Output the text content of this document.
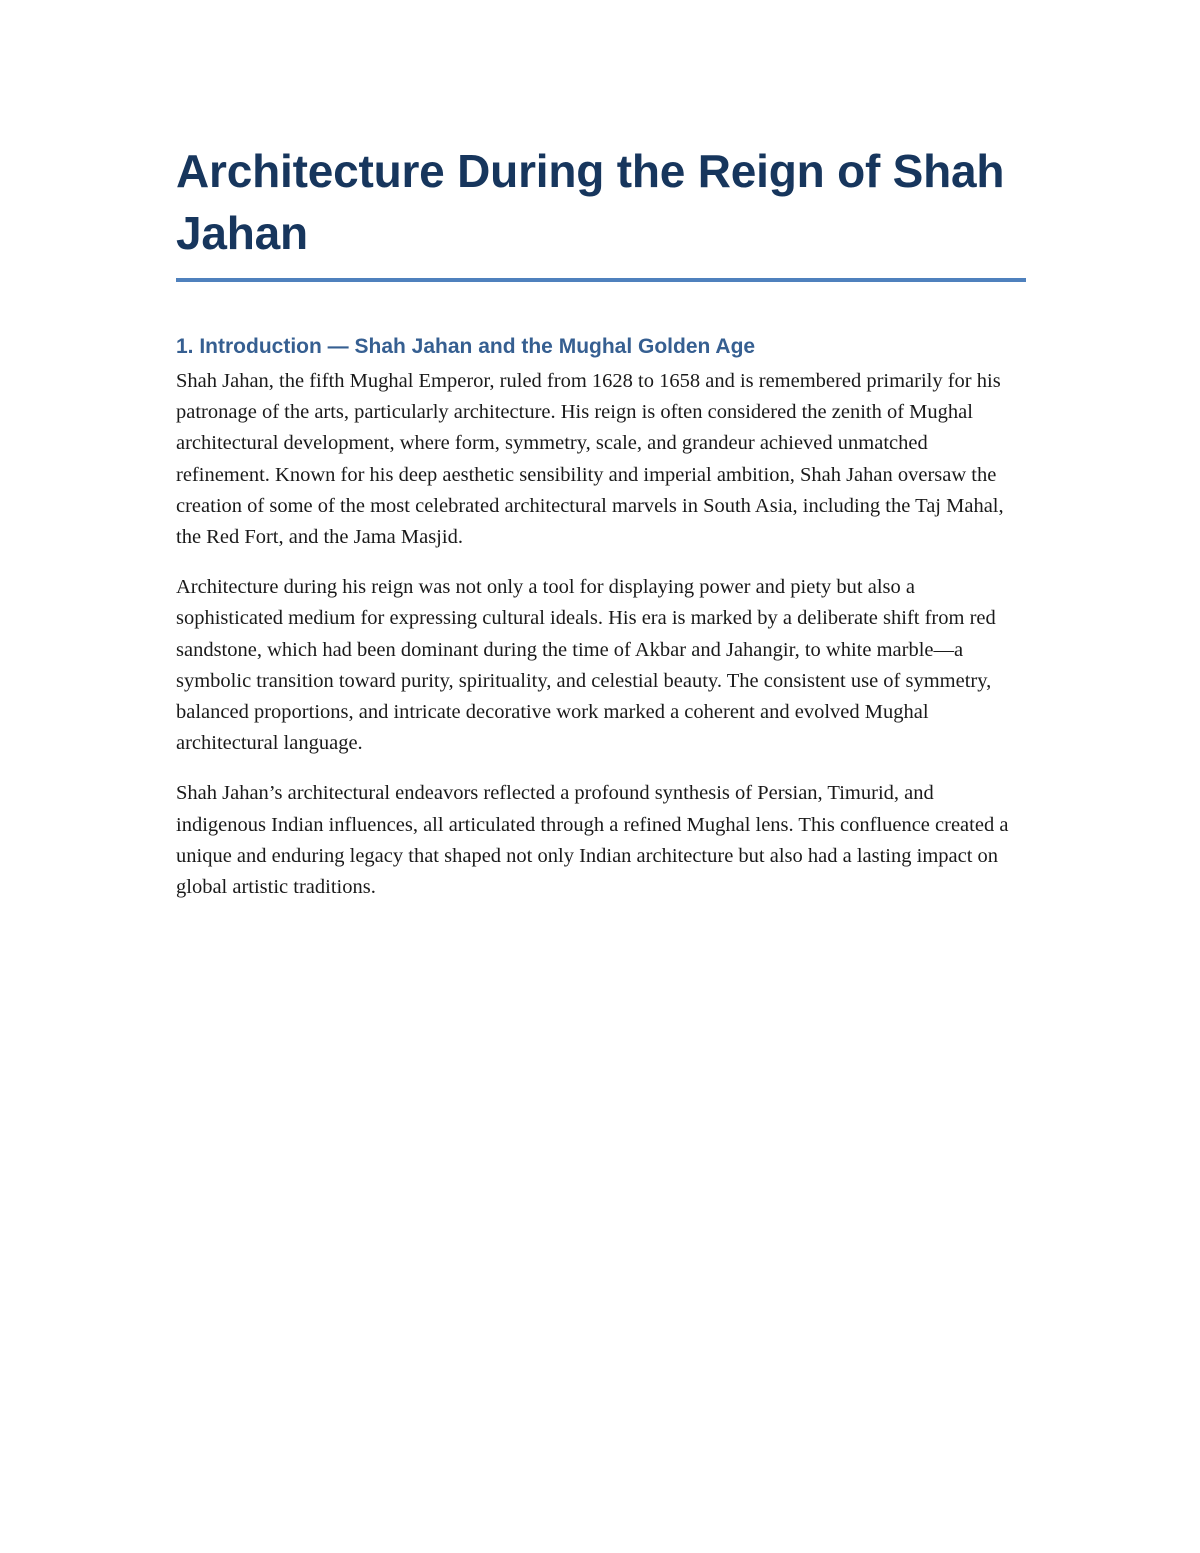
Architecture During the Reign of Shah Jahan
1. Introduction — Shah Jahan and the Mughal Golden Age

Shah Jahan, the fifth Mughal Emperor, ruled from 1628 to 1658 and is remembered primarily for his patronage of the arts, particularly architecture. His reign is often considered the zenith of Mughal architectural development, where form, symmetry, scale, and grandeur achieved unmatched refinement. Known for his deep aesthetic sensibility and imperial ambition, Shah Jahan oversaw the creation of some of the most celebrated architectural marvels in South Asia, including the Taj Mahal, the Red Fort, and the Jama Masjid.

Architecture during his reign was not only a tool for displaying power and piety but also a sophisticated medium for expressing cultural ideals. His era is marked by a deliberate shift from red sandstone, which had been dominant during the time of Akbar and Jahangir, to white marble—a symbolic transition toward purity, spirituality, and celestial beauty. The consistent use of symmetry, balanced proportions, and intricate decorative work marked a coherent and evolved Mughal architectural language.

Shah Jahan’s architectural endeavors reflected a profound synthesis of Persian, Timurid, and indigenous Indian influences, all articulated through a refined Mughal lens. This confluence created a unique and enduring legacy that shaped not only Indian architecture but also had a lasting impact on global artistic traditions.
